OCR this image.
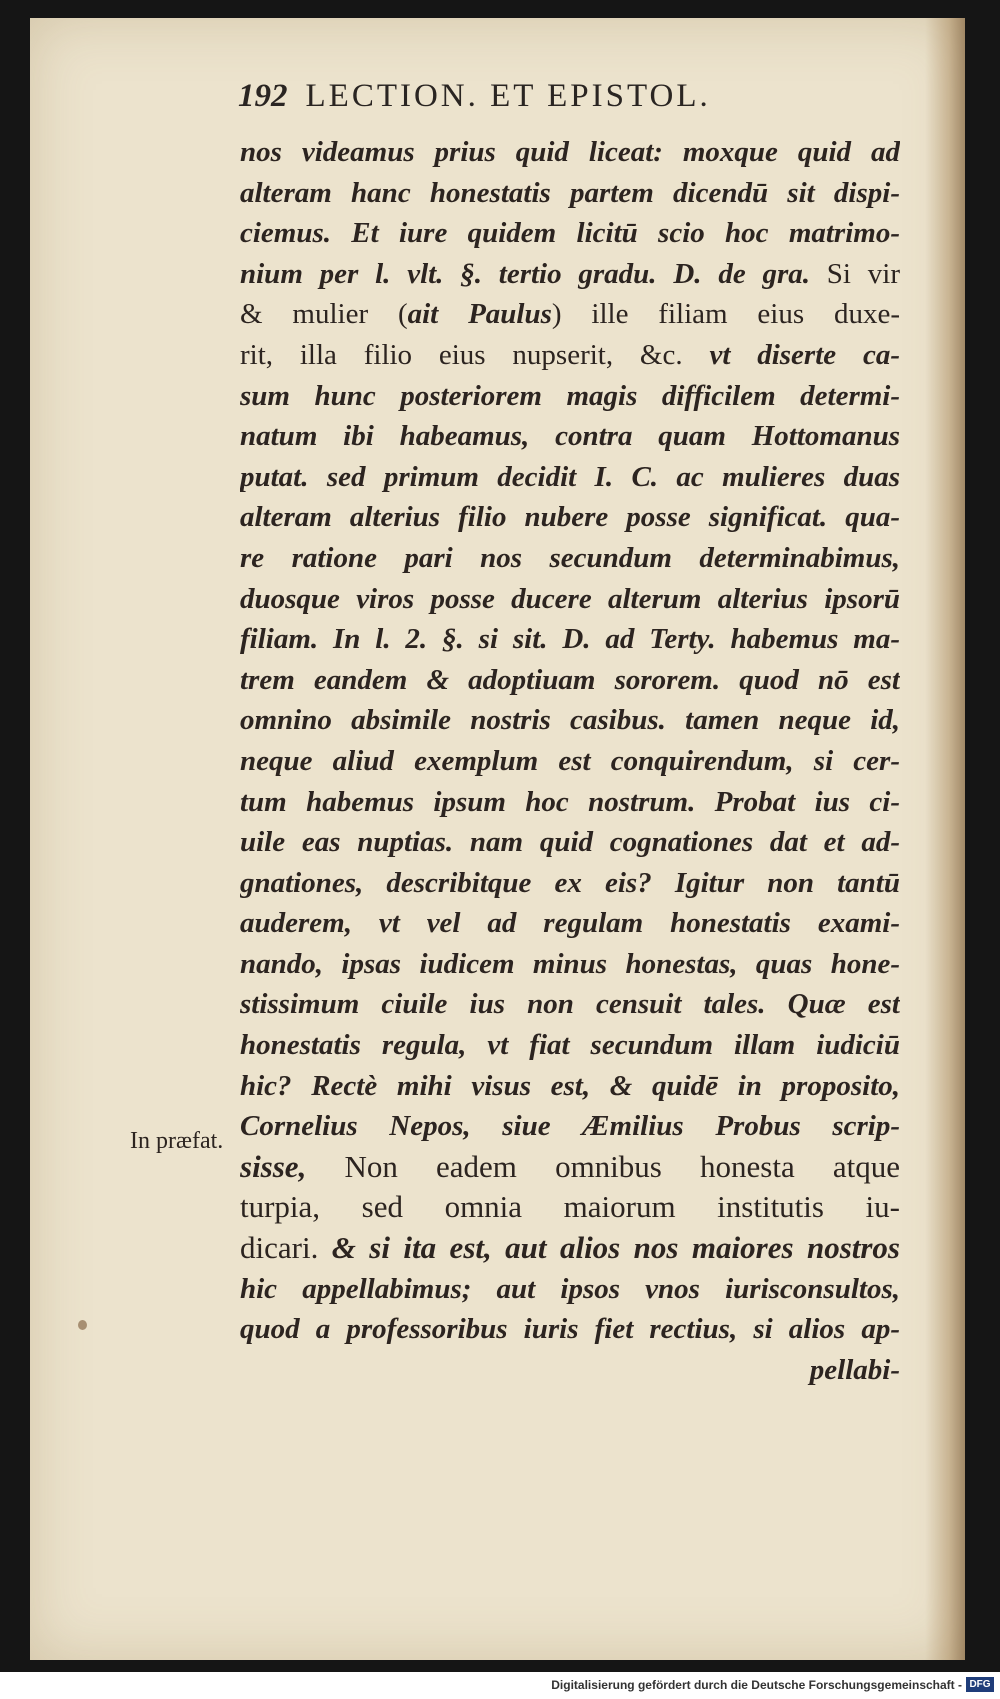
192 LECTION. ET EPISTOL.
nos videamus prius quid liceat: moxque quid ad
alteram hanc honestatis partem dicendū sit dispi-
ciemus. Et iure quidem licitū scio hoc matrimo-
nium per l. vlt. §. tertio gradu. D. de gra. Si vir
& mulier (ait Paulus) ille filiam eius duxe-
rit, illa filio eius nupserit, &c. vt diserte ca-
sum hunc posteriorem magis difficilem determi-
natum ibi habeamus, contra quam Hottomanus
putat. sed primum decidit I. C. ac mulieres duas
alteram alterius filio nubere posse significat. qua-
re ratione pari nos secundum determinabimus,
duosque viros posse ducere alterum alterius ipsorū
filiam. In l. 2. §. si sit. D. ad Terty. habemus ma-
trem eandem & adoptiuam sororem. quod nō est
omnino absimile nostris casibus. tamen neque id,
neque aliud exemplum est conquirendum, si cer-
tum habemus ipsum hoc nostrum. Probat ius ci-
uile eas nuptias. nam quid cognationes dat et ad-
gnationes, describitque ex eis? Igitur non tantū
auderem, vt vel ad regulam honestatis exami-
nando, ipsas iudicem minus honestas, quas hone-
stissimum ciuile ius non censuit tales. Quæ est
honestatis regula, vt fiat secundum illam iudiciū
hic? Rectè mihi visus est, & quidē in proposito,
Cornelius Nepos, siue Æmilius Probus scrip-
sisse, Non eadem omnibus honesta atque
turpia, sed omnia maiorum institutis iu-
dicari. & si ita est, aut alios nos maiores nostros
hic appellabimus; aut ipsos vnos iurisconsultos,
quod a professoribus iuris fiet rectius, si alios ap-
pellabi-
In præfat.
Digitalisierung gefördert durch die Deutsche Forschungsgemeinschaft - DFG
